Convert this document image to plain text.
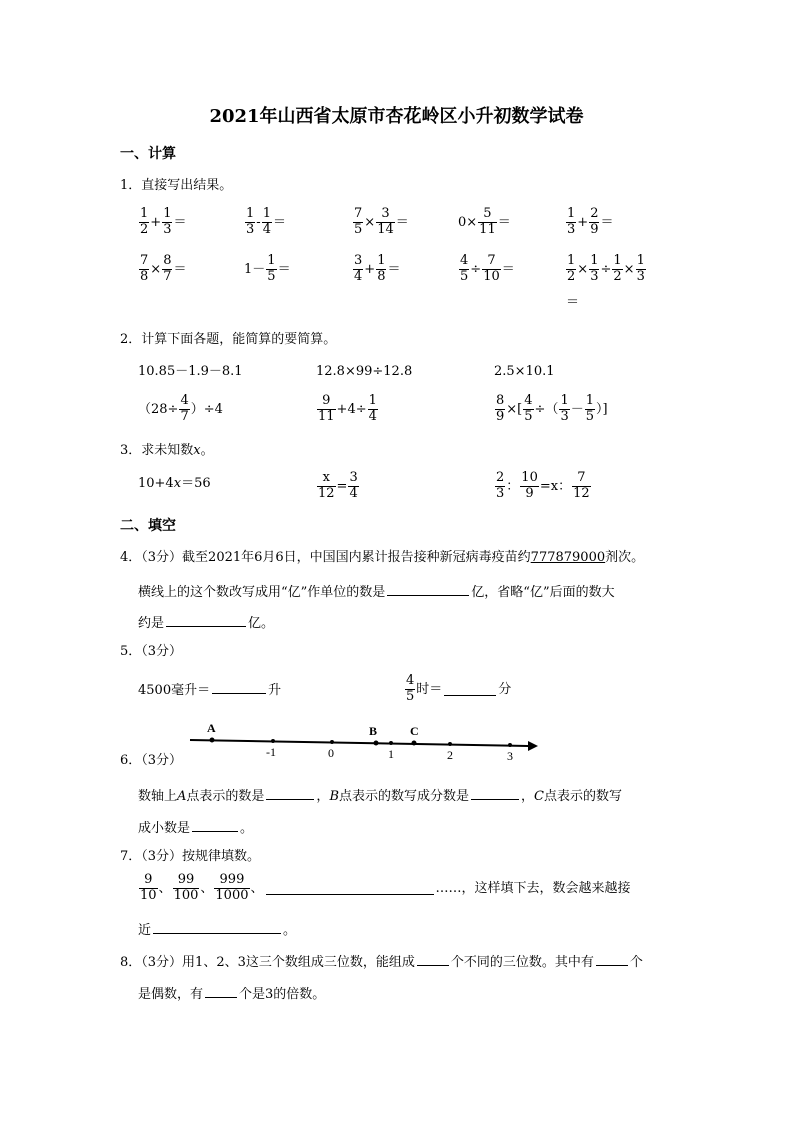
2021年山西省太原市杏花岭区小升初数学试卷
一、计算
1．直接写出结果。
$\frac{1}{2} + \frac{1}{3}$ ＝	$\frac{1}{3} - \frac{1}{4}$ ＝	$\frac{7}{5} \times \frac{3}{14}$ ＝	$0\times \frac{5}{11}$ ＝	$\frac{1}{3} + \frac{2}{9}$ ＝
$\frac{7}{8} \times \frac{8}{7}$ ＝	$1- \frac{1}{5}$ ＝	$\frac{3}{4} + \frac{1}{8}$ ＝	$\frac{4}{5} \div \frac{7}{10}$ ＝	$\frac{1}{2} \times \frac{1}{3} \div \frac{1}{2} \times \frac{1}{3}$
＝
2．计算下面各题，能简算的要简算。
10.85－1.9－8.1	12.8×99÷12.8	2.5×10.1
$(28\div \frac{4}{7} )\div 4$	$\frac{9}{11} +4\div \frac{1}{4}$	$\frac{8}{9}$ ×[ $\frac{4}{5}$ ÷（ $\frac{1}{3} - \frac{1}{5}$ ）]
3．求未知数x。
10+4x＝56	$\frac{x}{12} = \frac{3}{4}$	$\frac{2}{3}$ ： $\frac{10}{9} =x$： $\frac{7}{12}$
二、填空
4．（3分）截至2021年6月6日，中国国内累计报告接种新冠病毒疫苗约777879000剂次。
横线上的这个数改写成用“亿”作单位的数是	亿，省略“亿”后面的数大
约是	亿。
5．（3分）
4500毫升＝	升	$\frac{4}{5}$ 时＝	分
A	B	C
-1	0	1	2	3
6．（3分）
数轴上A点表示的数是	，B点表示的数写成分数是	，C点表示的数写
成小数是	。
7．（3分）按规律填数。
$\frac{9}{10}$ 、 $\frac{99}{100}$ 、 $\frac{999}{1000}$ 、	……，这样填下去，数会越来越接
近	。
8．（3分）用1、2、3这三个数组成三位数，能组成	个不同的三位数。其中有	个
是偶数，有	个是3的倍数。
